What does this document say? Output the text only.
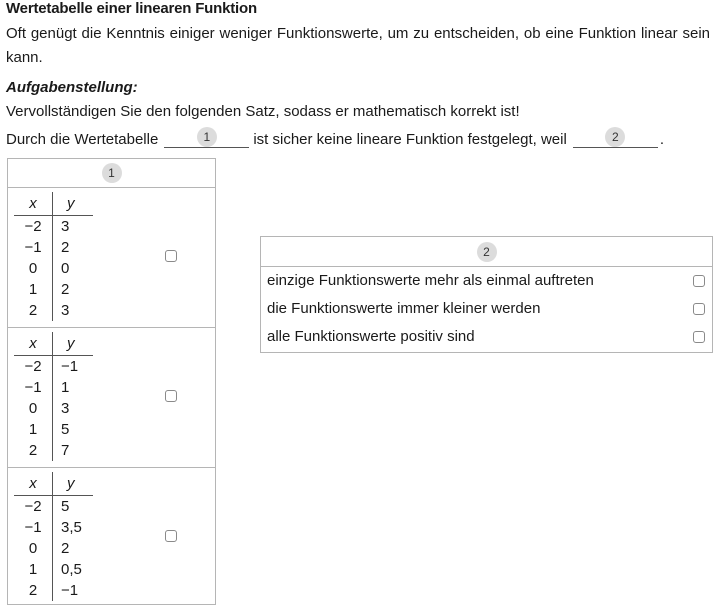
Wertetabelle einer linearen Funktion
Oft genügt die Kenntnis einiger weniger Funktionswerte, um zu entscheiden, ob eine Funktion linear sein kann.
Aufgabenstellung:
Vervollständigen Sie den folgenden Satz, sodass er mathematisch korrekt ist!
Durch die Wertetabelle	1	ist sicher keine lineare Funktion festgelegt, weil	2	.
1
x	y
−2	3
−1	2
0	0
1	2
2	3
x	y
−2	−1
−1	1
0	3
1	5
2	7
x	y
−2	5
−1	3,5
0	2
1	0,5
2	−1
2
einzige Funktionswerte mehr als einmal auftreten
die Funktionswerte immer kleiner werden
alle Funktionswerte positiv sind
